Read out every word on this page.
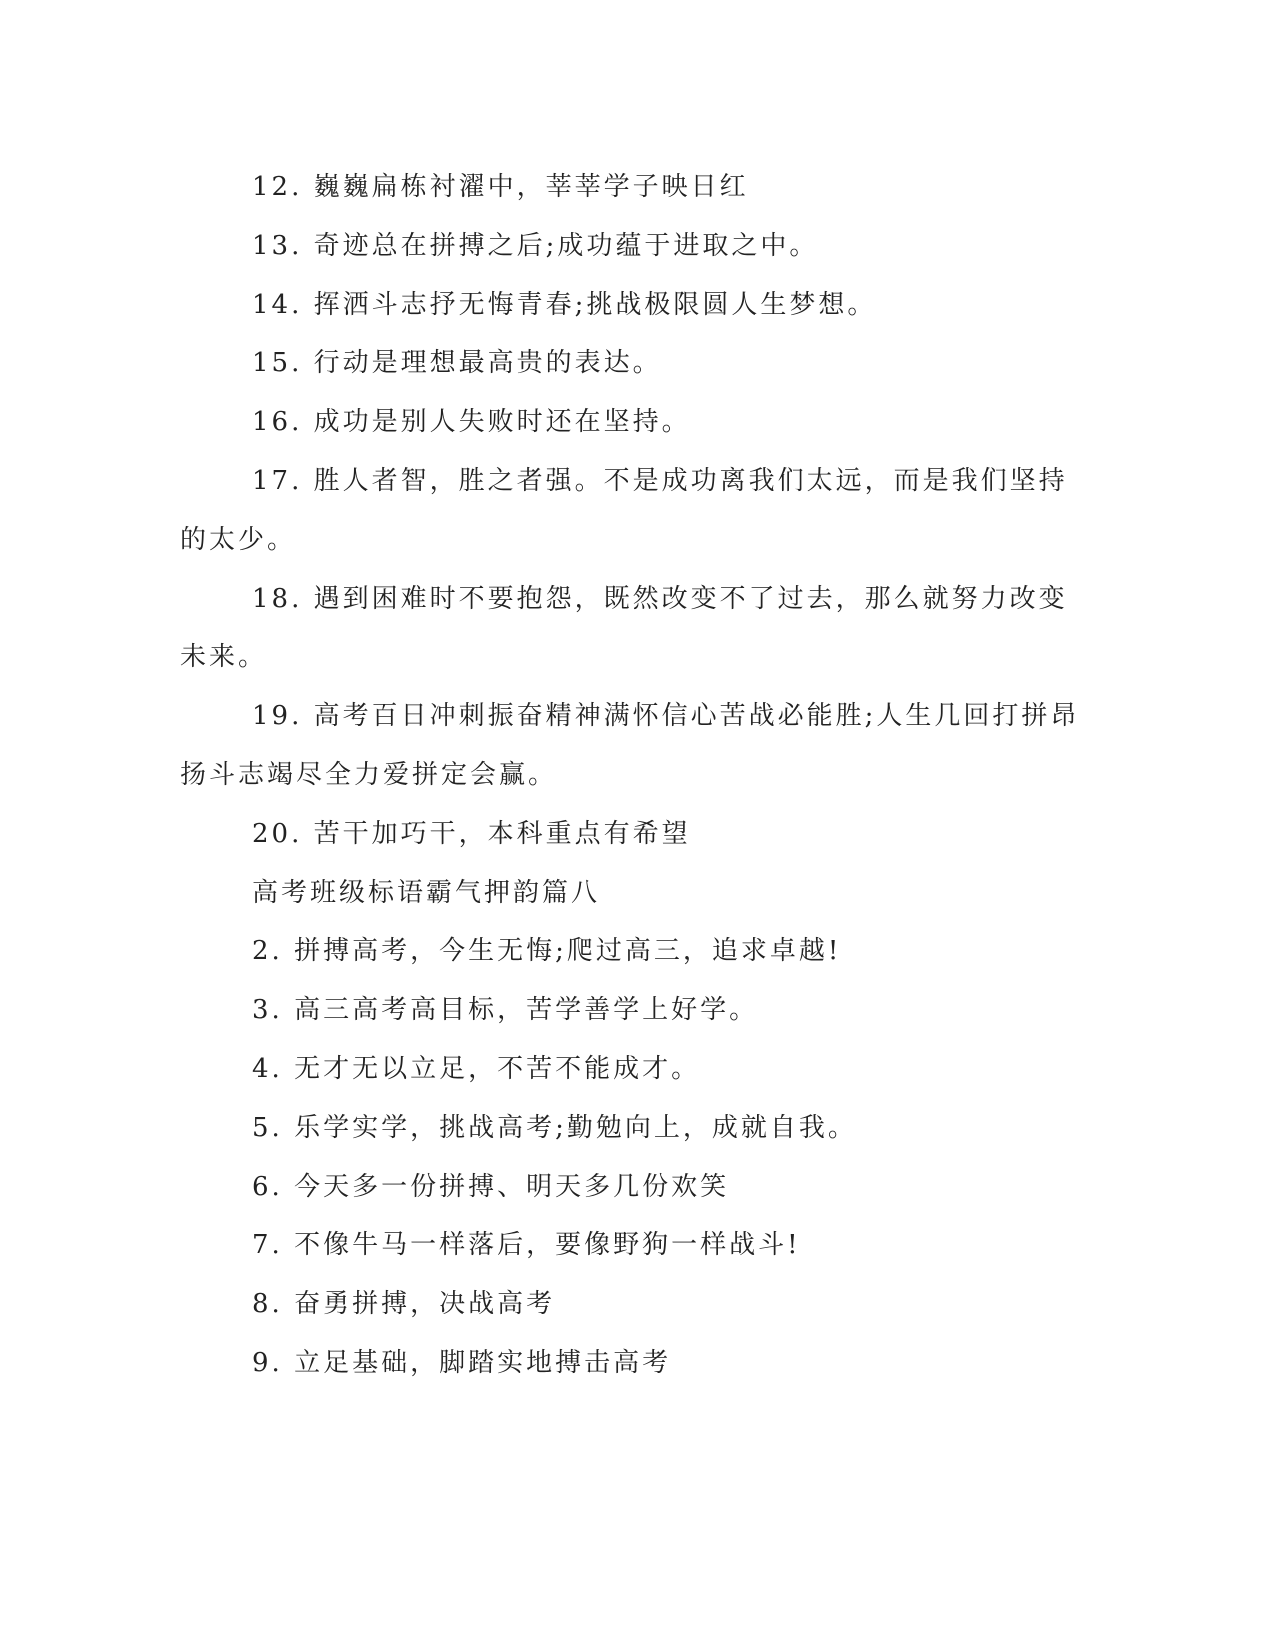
12. 巍巍扁栋衬濯中，莘莘学子映日红

13. 奇迹总在拼搏之后;成功蕴于进取之中。

14. 挥洒斗志抒无悔青春;挑战极限圆人生梦想。

15. 行动是理想最高贵的表达。

16. 成功是别人失败时还在坚持。

17. 胜人者智，胜之者强。不是成功离我们太远，而是我们坚持的太少。

18. 遇到困难时不要抱怨，既然改变不了过去，那么就努力改变未来。

19. 高考百日冲刺振奋精神满怀信心苦战必能胜;人生几回打拼昂扬斗志竭尽全力爱拼定会赢。

20. 苦干加巧干，本科重点有希望

高考班级标语霸气押韵篇八

2. 拼搏高考，今生无悔;爬过高三，追求卓越!

3. 高三高考高目标，苦学善学上好学。

4. 无才无以立足，不苦不能成才。

5. 乐学实学，挑战高考;勤勉向上，成就自我。

6. 今天多一份拼搏、明天多几份欢笑

7. 不像牛马一样落后，要像野狗一样战斗!

8. 奋勇拼搏，决战高考

9. 立足基础，脚踏实地搏击高考
